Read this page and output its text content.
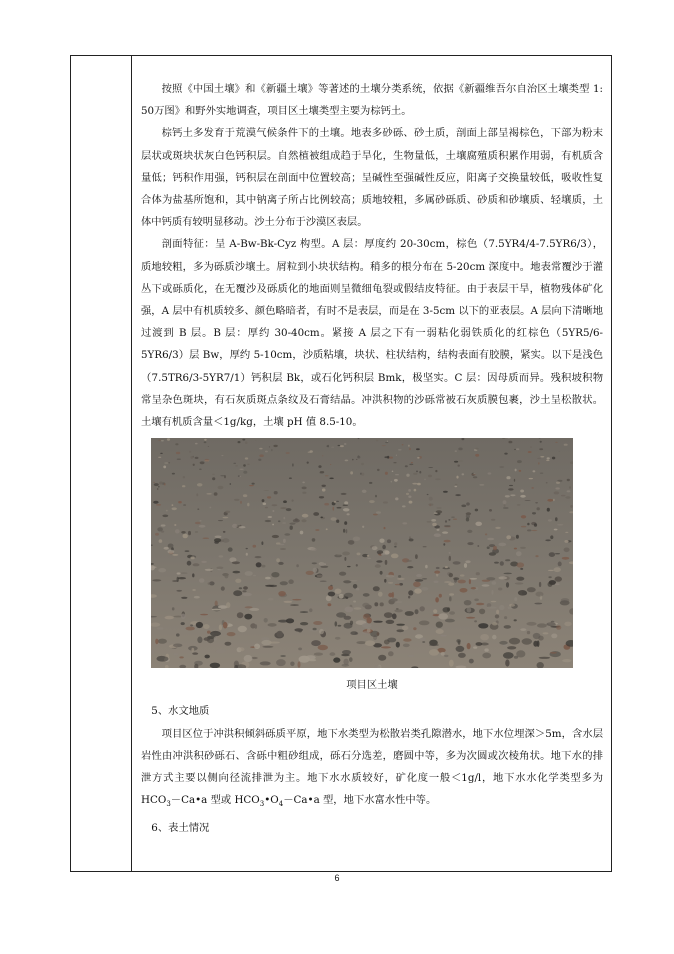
按照《中国土壤》和《新疆土壤》等著述的土壤分类系统，依据《新疆维吾尔自治区土壤类型 1: 50万图》和野外实地调查，项目区土壤类型主要为棕钙土。

棕钙土多发育于荒漠气候条件下的土壤。地表多砂砾、砂土质，剖面上部呈褐棕色，下部为粉末层状或斑块状灰白色钙积层。自然植被组成趋于旱化，生物量低，土壤腐殖质积累作用弱，有机质含量低；钙积作用强，钙积层在剖面中位置较高；呈碱性至强碱性反应，阳离子交换量较低，吸收性复合体为盐基所饱和，其中钠离子所占比例较高；质地较粗，多属砂砾质、砂质和砂壤质、轻壤质，土体中钙质有较明显移动。沙土分布于沙漠区表层。

剖面特征：呈 A-Bw-Bk-Cyz 构型。A 层：厚度约 20-30cm，棕色（7.5YR4/4-7.5YR6/3），质地较粗，多为砾质沙壤土。屑粒到小块状结构。稍多的根分布在 5-20cm 深度中。地表常覆沙于灌丛下或砾质化，在无覆沙及砾质化的地面则呈微细龟裂或假结皮特征。由于表层干旱，植物残体矿化强，A 层中有机质较多、颜色略暗者，有时不是表层，而是在 3-5cm 以下的亚表层。A 层向下清晰地过渡到 B 层。B 层：厚约 30-40cm。紧接 A 层之下有一弱粘化弱铁质化的红棕色（5YR5/6-5YR6/3）层 Bw，厚约 5-10cm，沙质粘壤，块状、柱状结构，结构表面有胶膜，紧实。以下是浅色（7.5TR6/3-5YR7/1）钙积层 Bk，或石化钙积层 Bmk，极坚实。C 层：因母质而异。残积坡积物常呈杂色斑块，有石灰质斑点条纹及石膏结晶。冲洪积物的沙砾常被石灰质膜包裹，沙土呈松散状。土壤有机质含量＜1g/kg，土壤 pH 值 8.5-10。

项目区土壤

5、水文地质

项目区位于冲洪积倾斜砾质平原，地下水类型为松散岩类孔隙潜水，地下水位埋深＞5m，含水层岩性由冲洪积砂砾石、含砾中粗砂组成，砾石分选差，磨圆中等，多为次圆或次棱角状。地下水的排泄方式主要以侧向径流排泄为主。地下水水质较好，矿化度一般＜1g/l，地下水水化学类型多为 $HCO_3-Ca•a$ 型或 $HCO_3•O_4-Ca•a$ 型，地下水富水性中等。

6、表土情况

6
